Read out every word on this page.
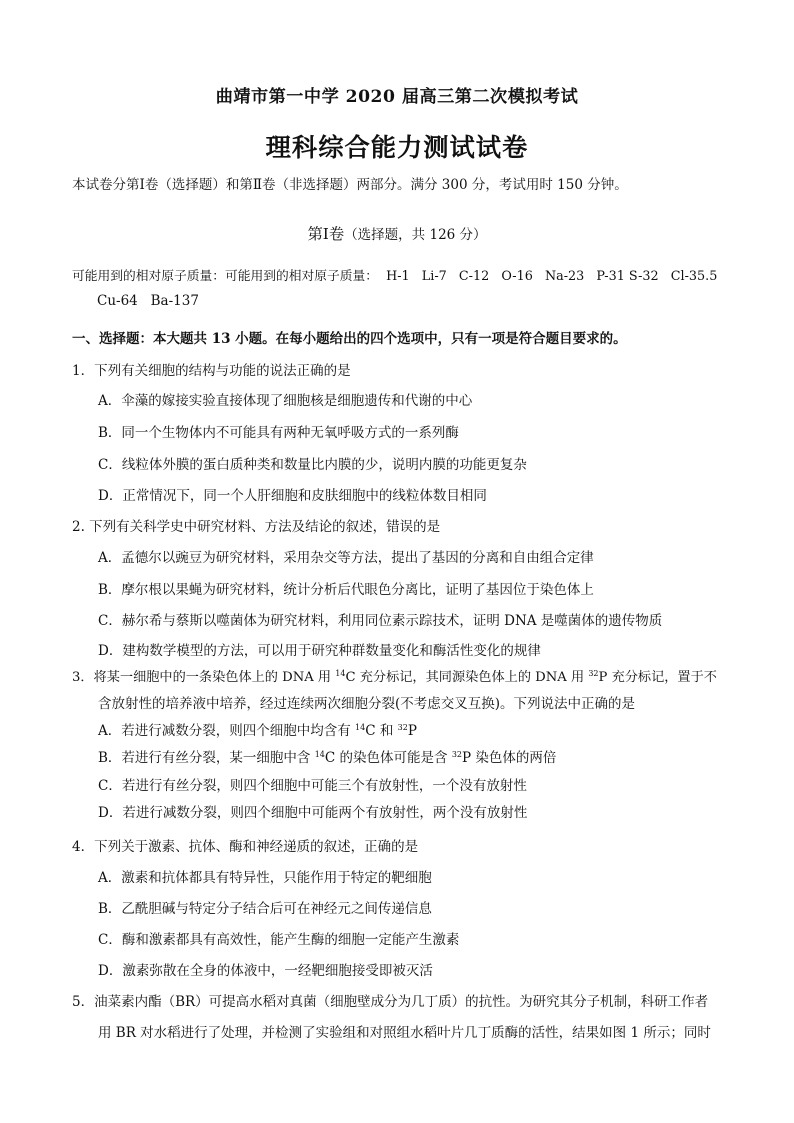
曲靖市第一中学 2020 届高三第二次模拟考试
理科综合能力测试试卷
本试卷分第Ⅰ卷（选择题）和第Ⅱ卷（非选择题）两部分。满分 300 分，考试用时 150 分钟。
第Ⅰ卷（选择题，共 126 分）
可能用到的相对原子质量：可能用到的相对原子质量：  H-1   Li-7   C-12   O-16   Na-23   P-31 S-32   Cl-35.5
Cu-64   Ba-137
一、选择题：本大题共 13 小题。在每小题给出的四个选项中，只有一项是符合题目要求的。
1．下列有关细胞的结构与功能的说法正确的是
A．伞藻的嫁接实验直接体现了细胞核是细胞遗传和代谢的中心
B．同一个生物体内不可能具有两种无氧呼吸方式的一系列酶
C．线粒体外膜的蛋白质种类和数量比内膜的少，说明内膜的功能更复杂
D．正常情况下，同一个人肝细胞和皮肤细胞中的线粒体数目相同
2. 下列有关科学史中研究材料、方法及结论的叙述，错误的是
A．孟德尔以豌豆为研究材料，采用杂交等方法，提出了基因的分离和自由组合定律
B．摩尔根以果蝇为研究材料，统计分析后代眼色分离比，证明了基因位于染色体上
C．赫尔希与蔡斯以噬菌体为研究材料，利用同位素示踪技术，证明 DNA 是噬菌体的遗传物质
D．建构数学模型的方法，可以用于研究种群数量变化和酶活性变化的规律
3．将某一细胞中的一条染色体上的 DNA 用 $^{14}$C 充分标记，其同源染色体上的 DNA 用 $^{32}$P 充分标记，置于不
含放射性的培养液中培养，经过连续两次细胞分裂(不考虑交叉互换)。下列说法中正确的是
A．若进行减数分裂，则四个细胞中均含有 $^{14}$C 和 $^{32}$P
B．若进行有丝分裂，某一细胞中含 $^{14}$C 的染色体可能是含 $^{32}$P 染色体的两倍
C．若进行有丝分裂，则四个细胞中可能三个有放射性，一个没有放射性
D．若进行减数分裂，则四个细胞中可能两个有放射性，两个没有放射性
4．下列关于激素、抗体、酶和神经递质的叙述，正确的是
A．激素和抗体都具有特异性，只能作用于特定的靶细胞
B．乙酰胆碱与特定分子结合后可在神经元之间传递信息
C．酶和激素都具有高效性，能产生酶的细胞一定能产生激素
D．激素弥散在全身的体液中，一经靶细胞接受即被灭活
5．油菜素内酯（BR）可提高水稻对真菌（细胞壁成分为几丁质）的抗性。为研究其分子机制，科研工作者
用 BR 对水稻进行了处理，并检测了实验组和对照组水稻叶片几丁质酶的活性，结果如图 1 所示；同时
